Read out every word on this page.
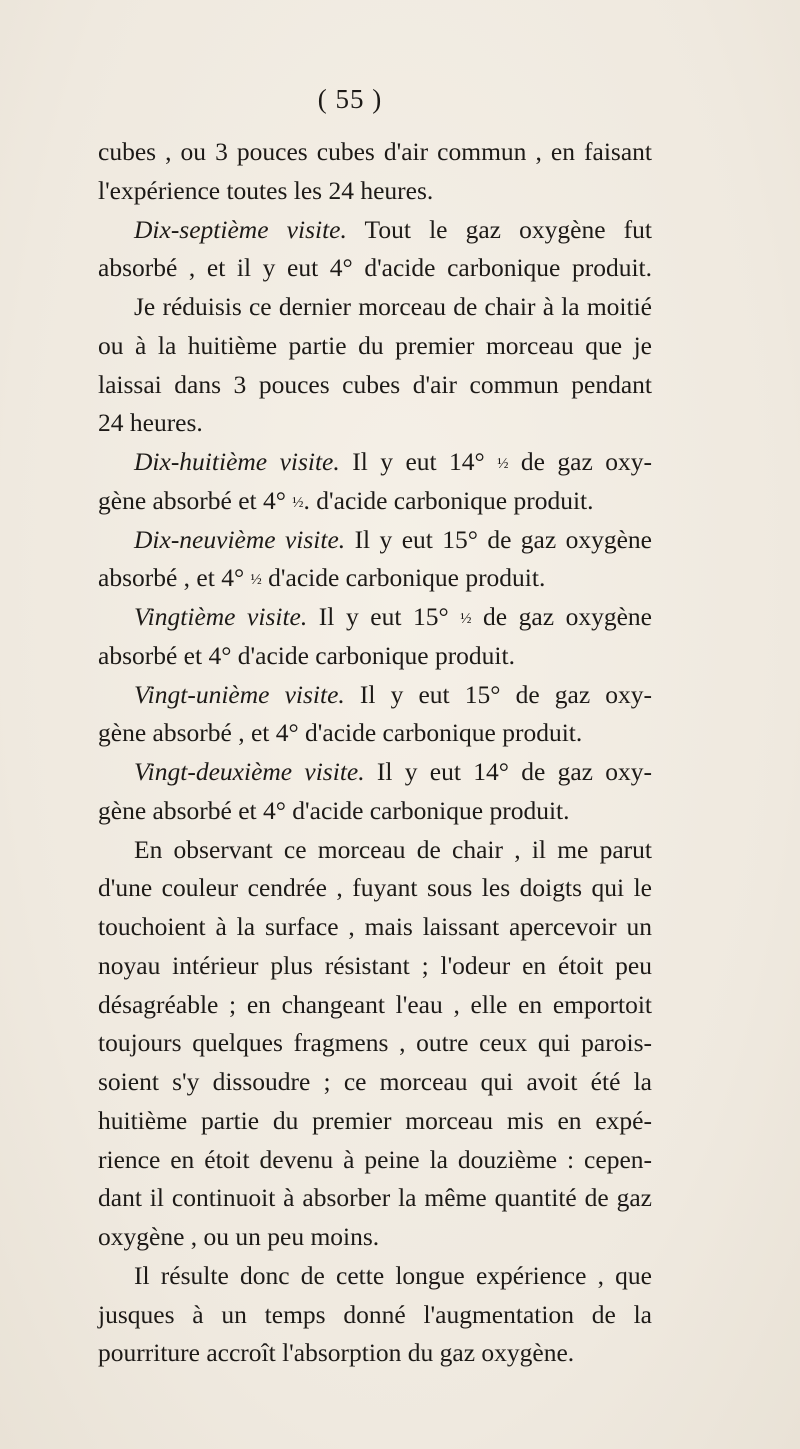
( 55 )
cubes , ou 3 pouces cubes d'air commun , en faisant
l'expérience toutes les 24 heures.
Dix-septième visite. Tout le gaz oxygène fut
absorbé , et il y eut 4° d'acide carbonique produit.
Je réduisis ce dernier morceau de chair à la moitié
ou à la huitième partie du premier morceau que je
laissai dans 3 pouces cubes d'air commun pendant
24 heures.
Dix-huitième visite. Il y eut 14° ½ de gaz oxy-
gène absorbé et 4° ½. d'acide carbonique produit.
Dix-neuvième visite. Il y eut 15° de gaz oxygène
absorbé , et 4° ½ d'acide carbonique produit.
Vingtième visite. Il y eut 15° ½ de gaz oxygène
absorbé et 4° d'acide carbonique produit.
Vingt-unième visite. Il y eut 15° de gaz oxy-
gène absorbé , et 4° d'acide carbonique produit.
Vingt-deuxième visite. Il y eut 14° de gaz oxy-
gène absorbé et 4° d'acide carbonique produit.
En observant ce morceau de chair , il me parut
d'une couleur cendrée , fuyant sous les doigts qui le
touchoient à la surface , mais laissant apercevoir un
noyau intérieur plus résistant ; l'odeur en étoit peu
désagréable ; en changeant l'eau , elle en emportoit
toujours quelques fragmens , outre ceux qui parois-
soient s'y dissoudre ; ce morceau qui avoit été la
huitième partie du premier morceau mis en expé-
rience en étoit devenu à peine la douzième : cepen-
dant il continuoit à absorber la même quantité de gaz
oxygène , ou un peu moins.
Il résulte donc de cette longue expérience , que
jusques à un temps donné l'augmentation de la
pourriture accroît l'absorption du gaz oxygène.
